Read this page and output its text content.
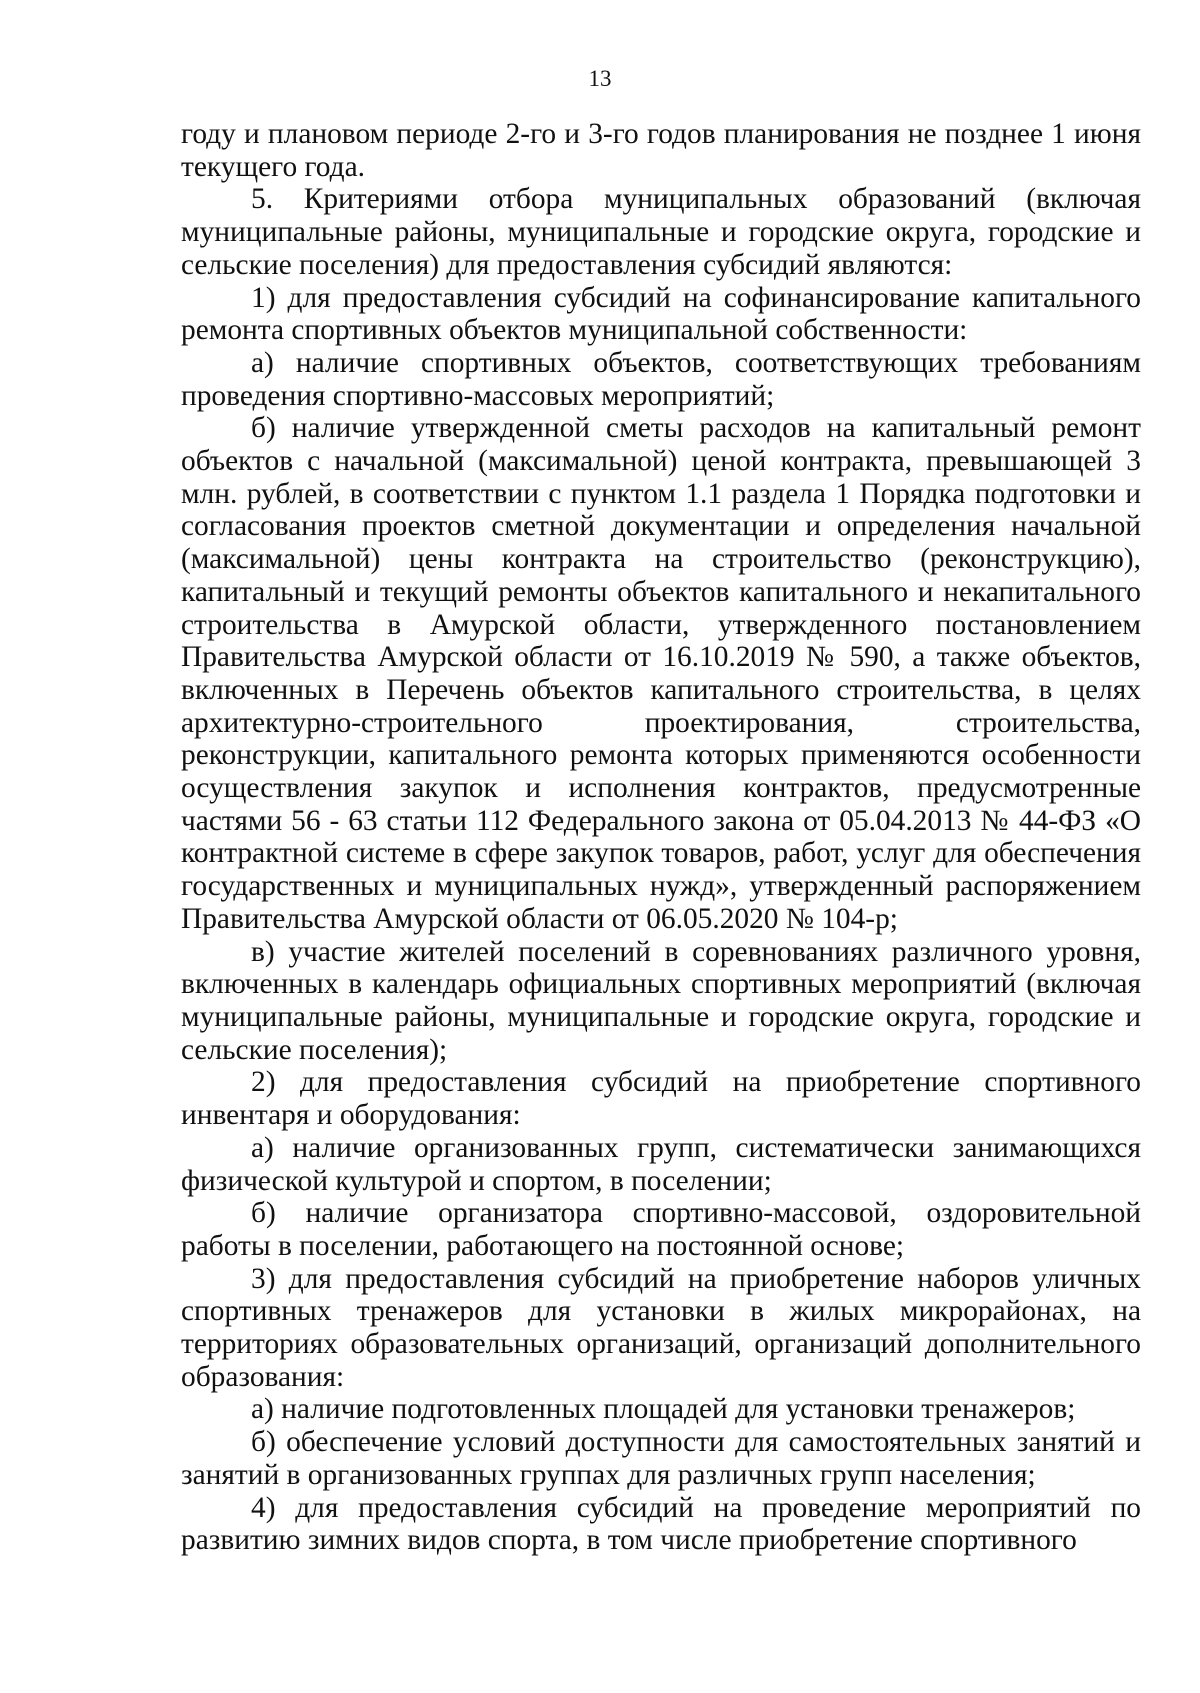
13

году и плановом периоде 2-го и 3-го годов планирования не позднее 1 июня текущего года.

5. Критериями отбора муниципальных образований (включая муниципальные районы, муниципальные и городские округа, городские и сельские поселения) для предоставления субсидий являются:

1) для предоставления субсидий на софинансирование капитального ремонта спортивных объектов муниципальной собственности:

а) наличие спортивных объектов, соответствующих требованиям проведения спортивно-массовых мероприятий;

б) наличие утвержденной сметы расходов на капитальный ремонт объектов с начальной (максимальной) ценой контракта, превышающей 3 млн. рублей, в соответствии с пунктом 1.1 раздела 1 Порядка подготовки и согласования проектов сметной документации и определения начальной (максимальной) цены контракта на строительство (реконструкцию), капитальный и текущий ремонты объектов капитального и некапитального строительства в Амурской области, утвержденного постановлением Правительства Амурской области от 16.10.2019 № 590, а также объектов, включенных в Перечень объектов капитального строительства, в целях архитектурно-строительного проектирования, строительства, реконструкции, капитального ремонта которых применяются особенности осуществления закупок и исполнения контрактов, предусмотренные частями 56 - 63 статьи 112 Федерального закона от 05.04.2013 № 44-ФЗ «О контрактной системе в сфере закупок товаров, работ, услуг для обеспечения государственных и муниципальных нужд», утвержденный распоряжением Правительства Амурской области от 06.05.2020 № 104-р;

в) участие жителей поселений в соревнованиях различного уровня, включенных в календарь официальных спортивных мероприятий (включая муниципальные районы, муниципальные и городские округа, городские и сельские поселения);

2) для предоставления субсидий на приобретение спортивного инвентаря и оборудования:

а) наличие организованных групп, систематически занимающихся физической культурой и спортом, в поселении;

б) наличие организатора спортивно-массовой, оздоровительной работы в поселении, работающего на постоянной основе;

3) для предоставления субсидий на приобретение наборов уличных спортивных тренажеров для установки в жилых микрорайонах, на территориях образовательных организаций, организаций дополнительного образования:

а) наличие подготовленных площадей для установки тренажеров;

б) обеспечение условий доступности для самостоятельных занятий и занятий в организованных группах для различных групп населения;

4) для предоставления субсидий на проведение мероприятий по развитию зимних видов спорта, в том числе приобретение спортивного
